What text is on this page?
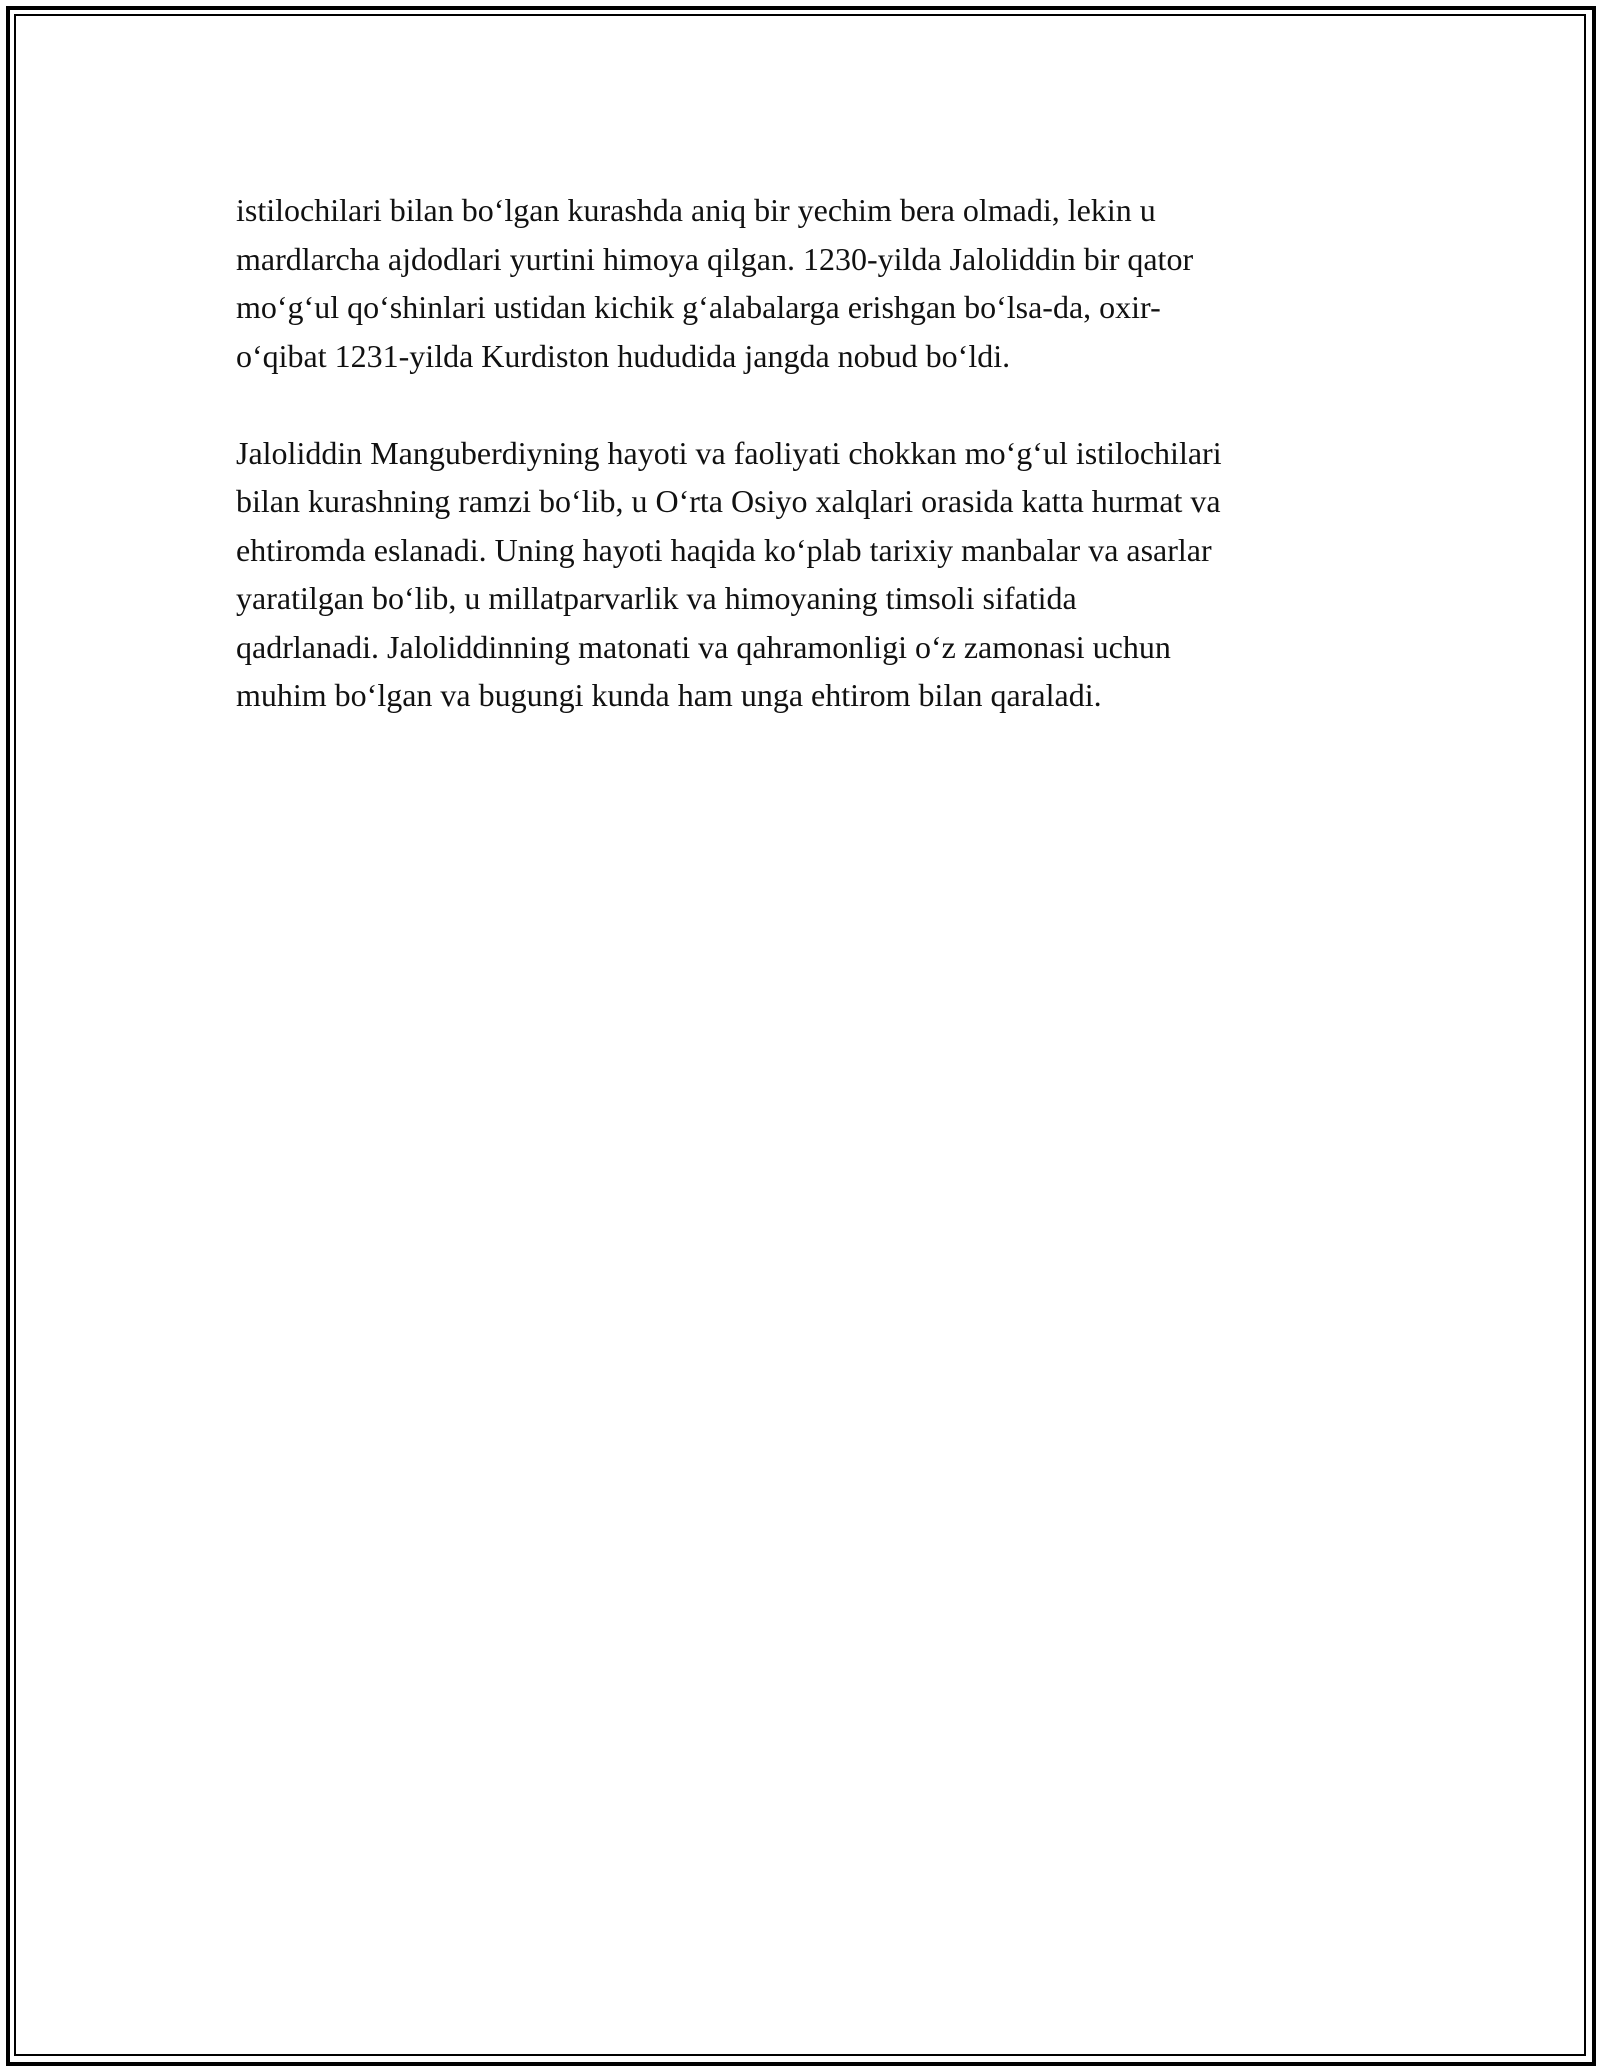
istilochilari bilan bo‘lgan kurashda aniq bir yechim bera olmadi, lekin u
mardlarcha ajdodlari yurtini himoya qilgan. 1230-yilda Jaloliddin bir qator
mo‘g‘ul qo‘shinlari ustidan kichik g‘alabalarga erishgan bo‘lsa-da, oxir-
o‘qibat 1231-yilda Kurdiston hududida jangda nobud bo‘ldi.

Jaloliddin Manguberdiyning hayoti va faoliyati chokkan mo‘g‘ul istilochilari
bilan kurashning ramzi bo‘lib, u O‘rta Osiyo xalqlari orasida katta hurmat va
ehtiromda eslanadi. Uning hayoti haqida ko‘plab tarixiy manbalar va asarlar
yaratilgan bo‘lib, u millatparvarlik va himoyaning timsoli sifatida
qadrlanadi. Jaloliddinning matonati va qahramonligi o‘z zamonasi uchun
muhim bo‘lgan va bugungi kunda ham unga ehtirom bilan qaraladi.
